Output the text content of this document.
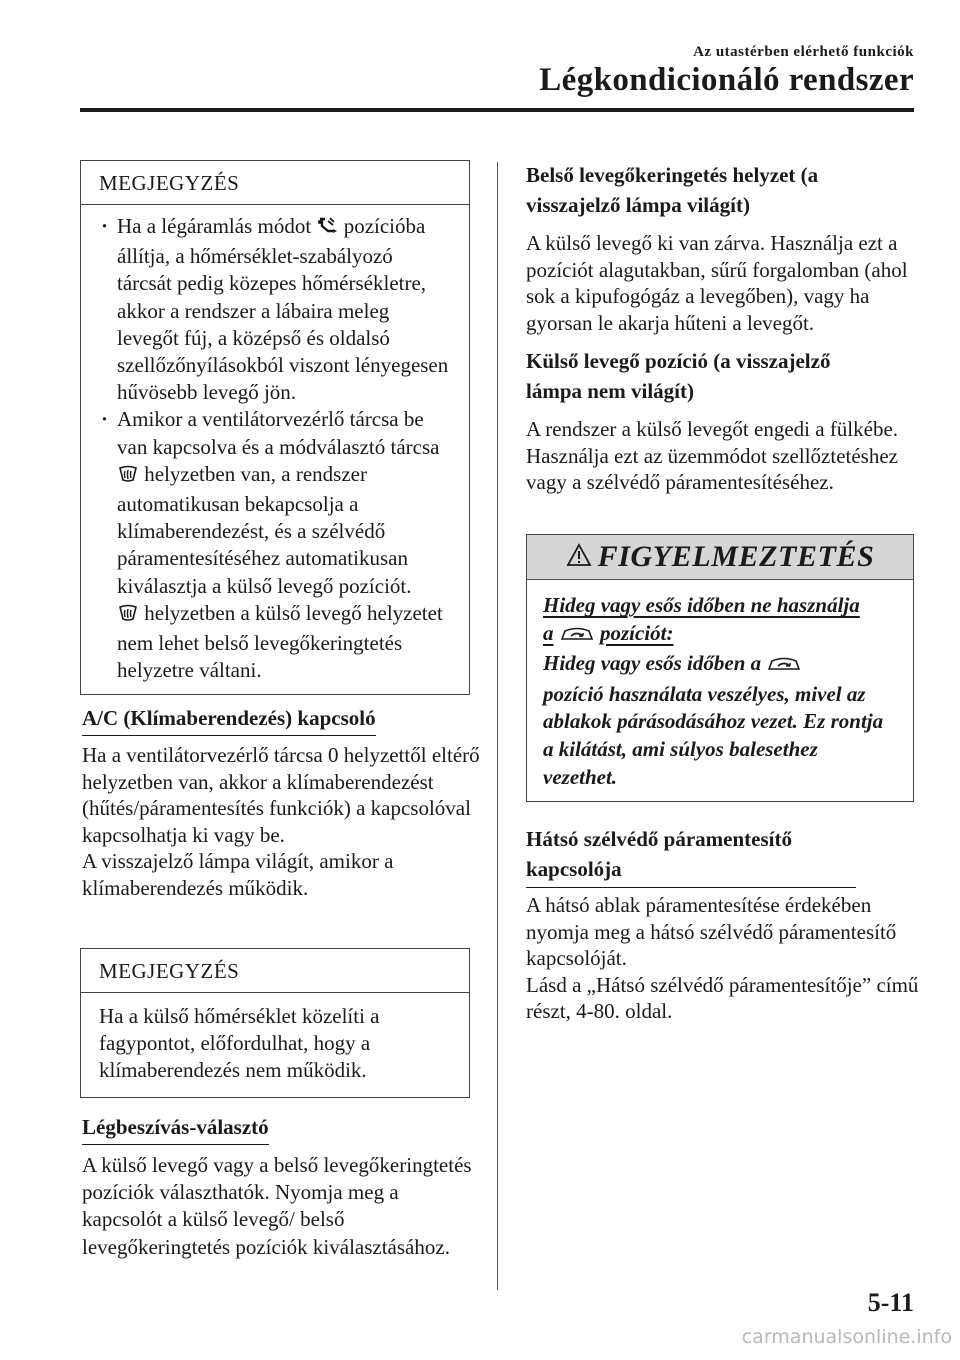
Az utastérben elérhető funkciók
Légkondicionáló rendszer
MEGJEGYZÉS
· Ha a légáramlás módot pozícióba állítja, a hőmérséklet-szabályozó tárcsát pedig közepes hőmérsékletre, akkor a rendszer a lábaira meleg levegőt fúj, a középső és oldalsó szellőzőnyílásokból viszont lényegesen hűvösebb levegő jön.
· Amikor a ventilátorvezérlő tárcsa be van kapcsolva és a módválasztó tárcsa  helyzetben van, a rendszer automatikusan bekapcsolja a klímaberendezést, és a szélvédő páramentesítéséhez automatikusan kiválasztja a külső levegő pozíciót.
helyzetben a külső levegő helyzetet nem lehet belső levegőkeringtetés helyzetre váltani.
A/C (Klímaberendezés) kapcsoló
Ha a ventilátorvezérlő tárcsa 0 helyzettől eltérő helyzetben van, akkor a klímaberendezést (hűtés/páramentesítés funkciók) a kapcsolóval kapcsolhatja ki vagy be.
A visszajelző lámpa világít, amikor a klímaberendezés működik.
MEGJEGYZÉS
Ha a külső hőmérséklet közelíti a fagypontot, előfordulhat, hogy a klímaberendezés nem működik.
Légbeszívás-választó
A külső levegő vagy a belső levegőkeringtetés pozíciók választhatók. Nyomja meg a kapcsolót a külső levegő/ belső levegőkeringtetés pozíciók kiválasztásához.
Belső levegőkeringetés helyzet (a visszajelző lámpa világít)
A külső levegő ki van zárva. Használja ezt a pozíciót alagutakban, sűrű forgalomban (ahol sok a kipufogógáz a levegőben), vagy ha gyorsan le akarja hűteni a levegőt.
Külső levegő pozíció (a visszajelző lámpa nem világít)
A rendszer a külső levegőt engedi a fülkébe. Használja ezt az üzemmódot szellőztetéshez vagy a szélvédő páramentesítéséhez.
FIGYELMEZTETÉS
Hideg vagy esős időben ne használja
a pozíciót:
Hideg vagy esős időben a
pozíció használata veszélyes, mivel az ablakok párásodásához vezet. Ez rontja a kilátást, ami súlyos balesethez vezethet.
Hátsó szélvédő páramentesítő kapcsolója
A hátsó ablak páramentesítése érdekében nyomja meg a hátsó szélvédő páramentesítő kapcsolóját.
Lásd a „Hátsó szélvédő páramentesítője” című részt, 4-80. oldal.
5-11
carmanualsonline.info
